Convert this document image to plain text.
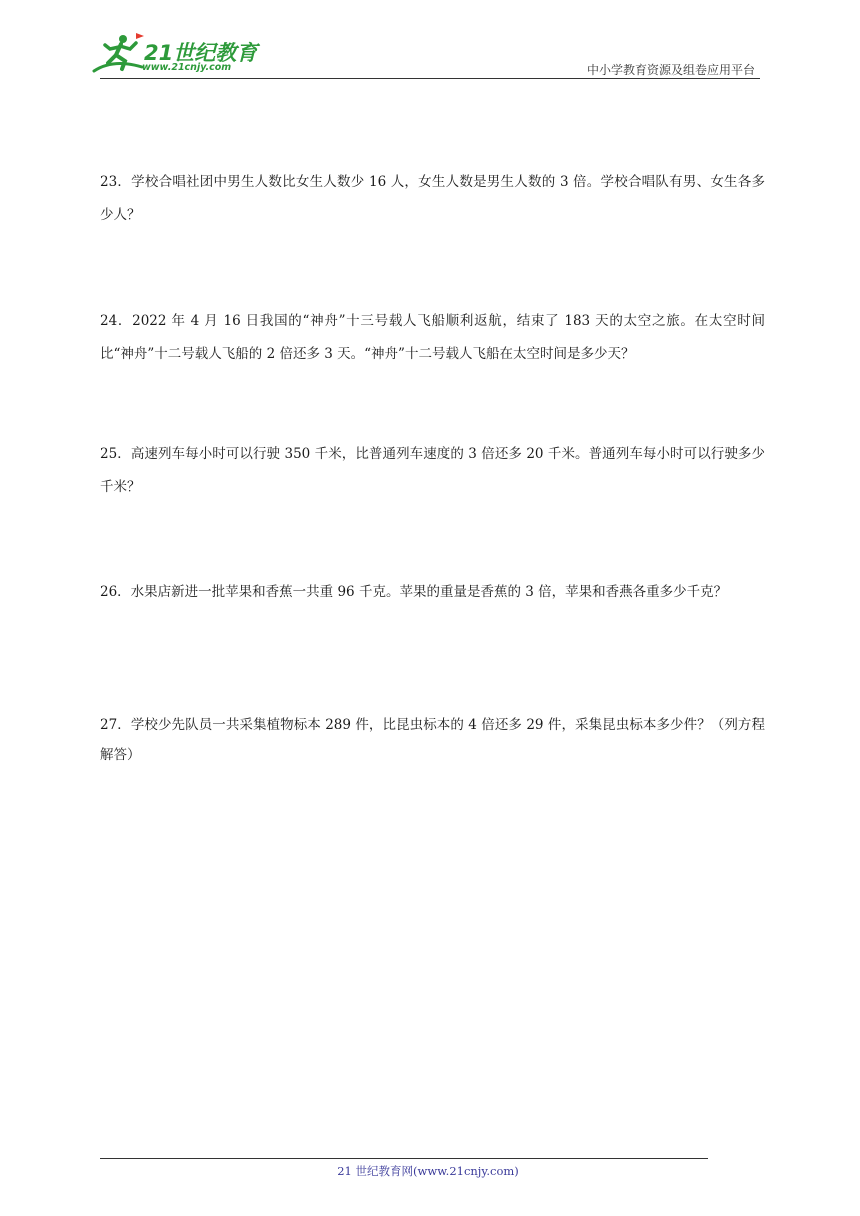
21世纪教育
www.21cnjy.com	中小学教育资源及组卷应用平台

23．学校合唱社团中男生人数比女生人数少 16 人，女生人数是男生人数的 3 倍。学校合唱队有男、女生各多少人？

24．2022 年 4 月 16 日我国的“神舟”十三号载人飞船顺利返航，结束了 183 天的太空之旅。在太空时间比“神舟”十二号载人飞船的 2 倍还多 3 天。“神舟”十二号载人飞船在太空时间是多少天？

25．高速列车每小时可以行驶 350 千米，比普通列车速度的 3 倍还多 20 千米。普通列车每小时可以行驶多少千米？

26．水果店新进一批苹果和香蕉一共重 96 千克。苹果的重量是香蕉的 3 倍，苹果和香燕各重多少千克？

27．学校少先队员一共采集植物标本 289 件，比昆虫标本的 4 倍还多 29 件，采集昆虫标本多少件？（列方程解答）

21 世纪教育网(www.21cnjy.com)
